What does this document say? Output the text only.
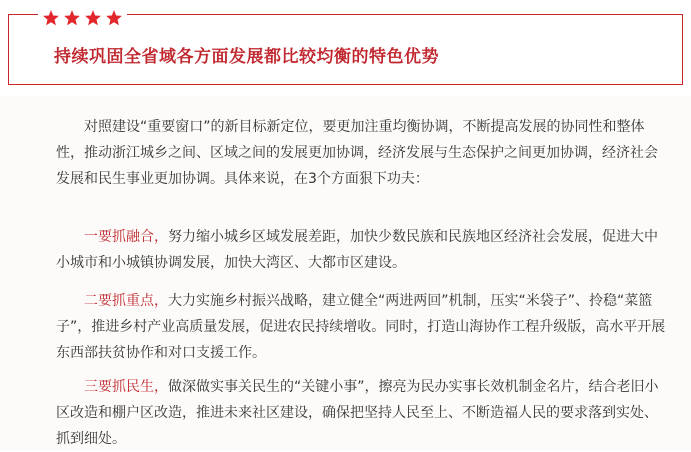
持续巩固全省域各方面发展都比较均衡的特色优势

对照建设“重要窗口”的新目标新定位，要更加注重均衡协调，不断提高发展的协同性和整体性，推动浙江城乡之间、区域之间的发展更加协调，经济发展与生态保护之间更加协调，经济社会发展和民生事业更加协调。具体来说，在3个方面狠下功夫：

一要抓融合，努力缩小城乡区域发展差距，加快少数民族和民族地区经济社会发展，促进大中小城市和小城镇协调发展，加快大湾区、大都市区建设。

二要抓重点，大力实施乡村振兴战略，建立健全“两进两回”机制，压实“米袋子”、拎稳“菜篮子”，推进乡村产业高质量发展，促进农民持续增收。同时，打造山海协作工程升级版，高水平开展东西部扶贫协作和对口支援工作。

三要抓民生，做深做实事关民生的“关键小事”，擦亮为民办实事长效机制金名片，结合老旧小区改造和棚户区改造，推进未来社区建设，确保把坚持人民至上、不断造福人民的要求落到实处、抓到细处。
